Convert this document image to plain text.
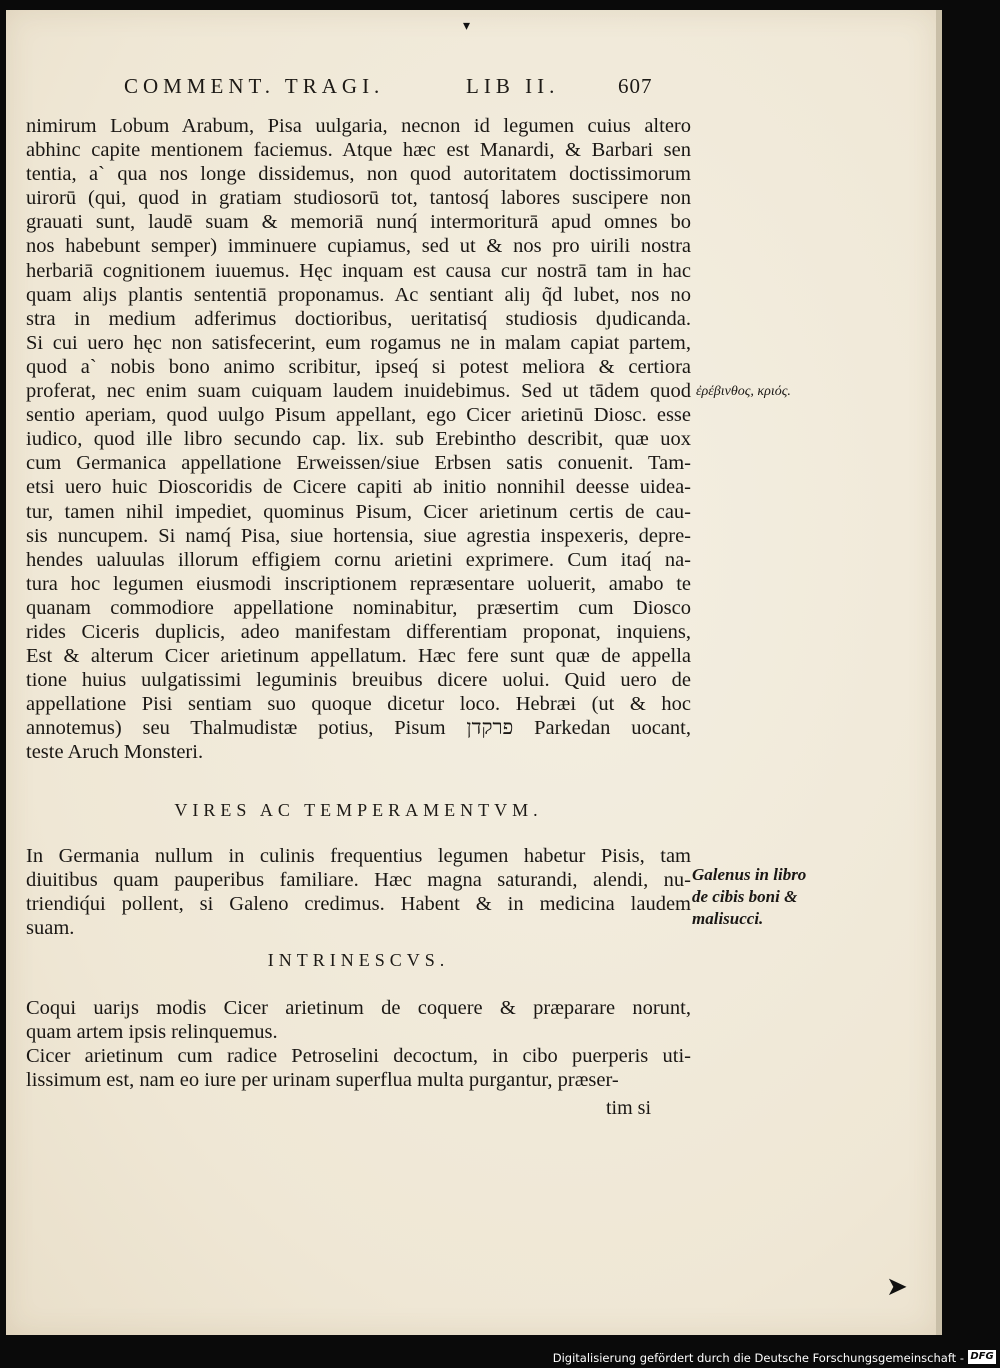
COMMENT. TRAGI.	LIB II.	607
nimirum Lobum Arabum, Pisa uulgaria, necnon id legumen cuius altero
abhinc capite mentionem faciemus. Atque hæc est Manardi, & Barbari sen
tentia, a` qua nos longe dissidemus, non quod autoritatem doctissimorum
uirorū (qui, quod in gratiam studiosorū tot, tantosq́ labores suscipere non
grauati sunt, laudē suam & memoriā nunq́ intermoriturā apud omnes bo
nos habebunt semper) imminuere cupiamus, sed ut & nos pro uirili nostra
herbariā cognitionem iuuemus. Hęc inquam est causa cur nostrā tam in hac
quam aliȷs plantis sententiā proponamus. Ac sentiant aliȷ q̃d lubet, nos no
stra in medium adferimus doctioribus, ueritatisq́ studiosis dȷudicanda.
Si cui uero hęc non satisfecerint, eum rogamus ne in malam capiat partem,
quod a` nobis bono animo scribitur, ipseq́ si potest meliora & certiora
proferat, nec enim suam cuiquam laudem inuidebimus. Sed ut tādem quod
sentio aperiam, quod uulgo Pisum appellant, ego Cicer arietinū Diosc. esse
iudico, quod ille libro secundo cap. lix. sub Erebintho describit, quæ uox
cum Germanica appellatione Erweissen/siue Erbsen satis conuenit. Tam-
etsi uero huic Dioscoridis de Cicere capiti ab initio nonnihil deesse uidea-
tur, tamen nihil impediet, quominus Pisum, Cicer arietinum certis de cau-
sis nuncupem. Si namq́ Pisa, siue hortensia, siue agrestia inspexeris, depre-
hendes ualuulas illorum effigiem cornu arietini exprimere. Cum itaq́ na-
tura hoc legumen eiusmodi inscriptionem repræsentare uoluerit, amabo te
quanam commodiore appellatione nominabitur, præsertim cum Diosco
rides Ciceris duplicis, adeo manifestam differentiam proponat, inquiens,
Est & alterum Cicer arietinum appellatum. Hæc fere sunt quæ de appella
tione huius uulgatissimi leguminis breuibus dicere uolui. Quid uero de
appellatione Pisi sentiam suo quoque dicetur loco. Hebræi (ut & hoc
annotemus) seu Thalmudistæ potius, Pisum פרקדן Parkedan uocant,
teste Aruch Monsteri.
VIRES AC TEMPERAMENTVM.
In Germania nullum in culinis frequentius legumen habetur Pisis, tam
diuitibus quam pauperibus familiare. Hæc magna saturandi, alendi, nu-
triendiq́ui pollent, si Galeno credimus. Habent & in medicina laudem
suam.
INTRINESCVS.
Coqui uariȷs modis Cicer arietinum de coquere & præparare norunt,
quam artem ipsis relinquemus.
Cicer arietinum cum radice Petroselini decoctum, in cibo puerperis uti-
lissimum est, nam eo iure per urinam superflua multa purgantur, præser-
tim si
ἐρέβινθος, κριός.
Galenus in libro
de cibis boni &
malisucci.
▾
➤
Digitalisierung gefördert durch die Deutsche Forschungsgemeinschaft - DFG
